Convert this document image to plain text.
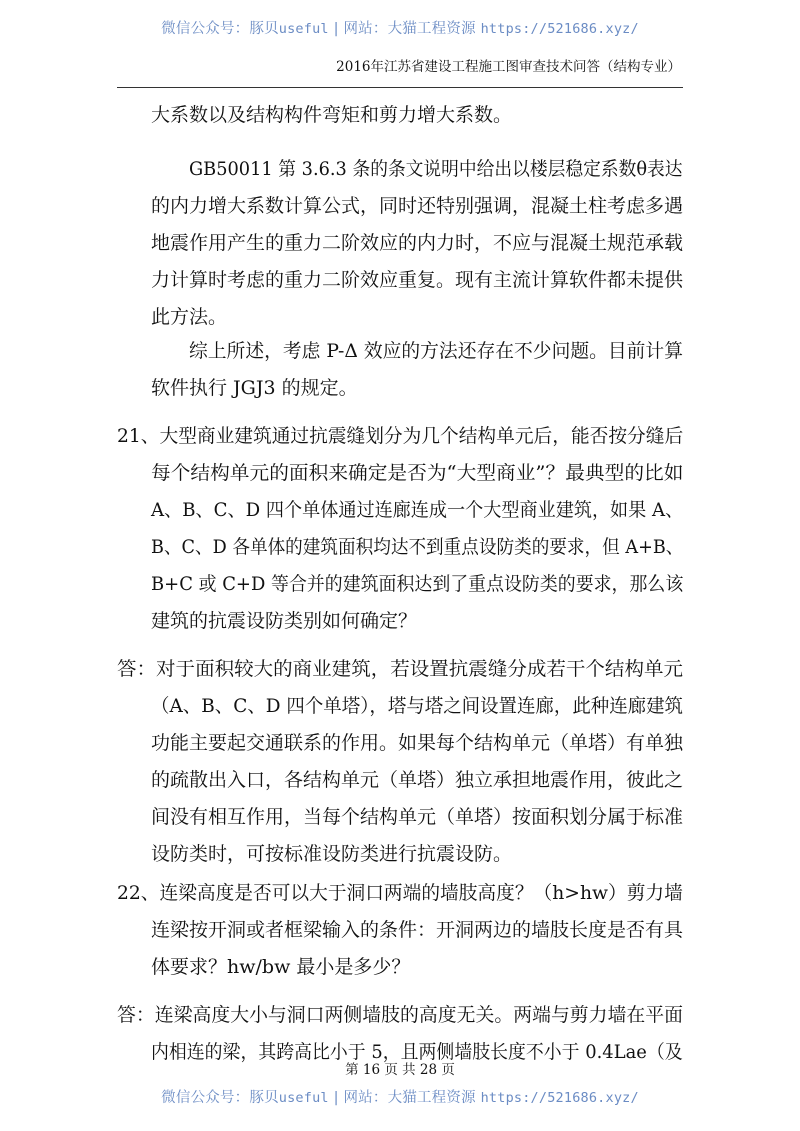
微信公众号：豚贝useful | 网站：大猫工程资源 https://521686.xyz/
2016年江苏省建设工程施工图审查技术问答（结构专业）
大系数以及结构构件弯矩和剪力增大系数。
GB50011 第 3.6.3 条的条文说明中给出以楼层稳定系数θ表达
的内力增大系数计算公式，同时还特别强调，混凝土柱考虑多遇
地震作用产生的重力二阶效应的内力时，不应与混凝土规范承载
力计算时考虑的重力二阶效应重复。现有主流计算软件都未提供
此方法。
综上所述，考虑 P-Δ 效应的方法还存在不少问题。目前计算
软件执行 JGJ3 的规定。
21、大型商业建筑通过抗震缝划分为几个结构单元后，能否按分缝后
每个结构单元的面积来确定是否为“大型商业”？最典型的比如
A、B、C、D 四个单体通过连廊连成一个大型商业建筑，如果 A、
B、C、D 各单体的建筑面积均达不到重点设防类的要求，但 A+B、
B+C 或 C+D 等合并的建筑面积达到了重点设防类的要求，那么该
建筑的抗震设防类别如何确定？
答：对于面积较大的商业建筑，若设置抗震缝分成若干个结构单元
（A、B、C、D 四个单塔），塔与塔之间设置连廊，此种连廊建筑
功能主要起交通联系的作用。如果每个结构单元（单塔）有单独
的疏散出入口，各结构单元（单塔）独立承担地震作用，彼此之
间没有相互作用，当每个结构单元（单塔）按面积划分属于标准
设防类时，可按标准设防类进行抗震设防。
22、连梁高度是否可以大于洞口两端的墙肢高度？（h>hw）剪力墙
连梁按开洞或者框梁输入的条件：开洞两边的墙肢长度是否有具
体要求？hw/bw 最小是多少？
答：连梁高度大小与洞口两侧墙肢的高度无关。两端与剪力墙在平面
内相连的梁，其跨高比小于 5，且两侧墙肢长度不小于 0.4Lae（及
第 16 页 共 28 页
微信公众号：豚贝useful | 网站：大猫工程资源 https://521686.xyz/
